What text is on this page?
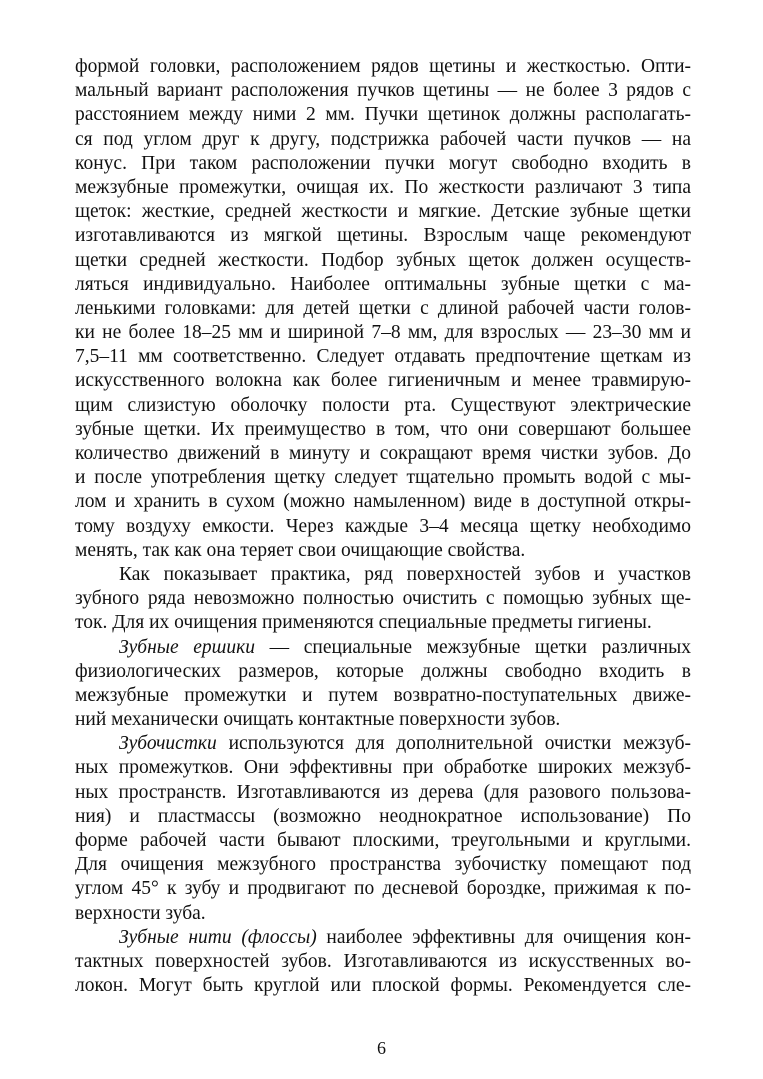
формой головки, расположением рядов щетины и жесткостью. Опти-
мальный вариант расположения пучков щетины — не более 3 рядов с
расстоянием между ними 2 мм. Пучки щетинок должны располагать-
ся под углом друг к другу, подстрижка рабочей части пучков — на
конус. При таком расположении пучки могут свободно входить в
межзубные промежутки, очищая их. По жесткости различают 3 типа
щеток: жесткие, средней жесткости и мягкие. Детские зубные щетки
изготавливаются из мягкой щетины. Взрослым чаще рекомендуют
щетки средней жесткости. Подбор зубных щеток должен осуществ-
ляться индивидуально. Наиболее оптимальны зубные щетки с ма-
ленькими головками: для детей щетки с длиной рабочей части голов-
ки не более 18–25 мм и шириной 7–8 мм, для взрослых — 23–30 мм и
7,5–11 мм соответственно. Следует отдавать предпочтение щеткам из
искусственного волокна как более гигиеничным и менее травмирую-
щим слизистую оболочку полости рта. Существуют электрические
зубные щетки. Их преимущество в том, что они совершают большее
количество движений в минуту и сокращают время чистки зубов. До
и после употребления щетку следует тщательно промыть водой с мы-
лом и хранить в сухом (можно намыленном) виде в доступной откры-
тому воздуху емкости. Через каждые 3–4 месяца щетку необходимо
менять, так как она теряет свои очищающие свойства.
Как показывает практика, ряд поверхностей зубов и участков
зубного ряда невозможно полностью очистить с помощью зубных ще-
ток. Для их очищения применяются специальные предметы гигиены.
Зубные ершики — специальные межзубные щетки различных
физиологических размеров, которые должны свободно входить в
межзубные промежутки и путем возвратно-поступательных движе-
ний механически очищать контактные поверхности зубов.
Зубочистки используются для дополнительной очистки межзуб-
ных промежутков. Они эффективны при обработке широких межзуб-
ных пространств. Изготавливаются из дерева (для разового пользова-
ния) и пластмассы (возможно неоднократное использование) По
форме рабочей части бывают плоскими, треугольными и круглыми.
Для очищения межзубного пространства зубочистку помещают под
углом 45° к зубу и продвигают по десневой бороздке, прижимая к по-
верхности зуба.
Зубные нити (флоссы) наиболее эффективны для очищения кон-
тактных поверхностей зубов. Изготавливаются из искусственных во-
локон. Могут быть круглой или плоской формы. Рекомендуется сле-
6
